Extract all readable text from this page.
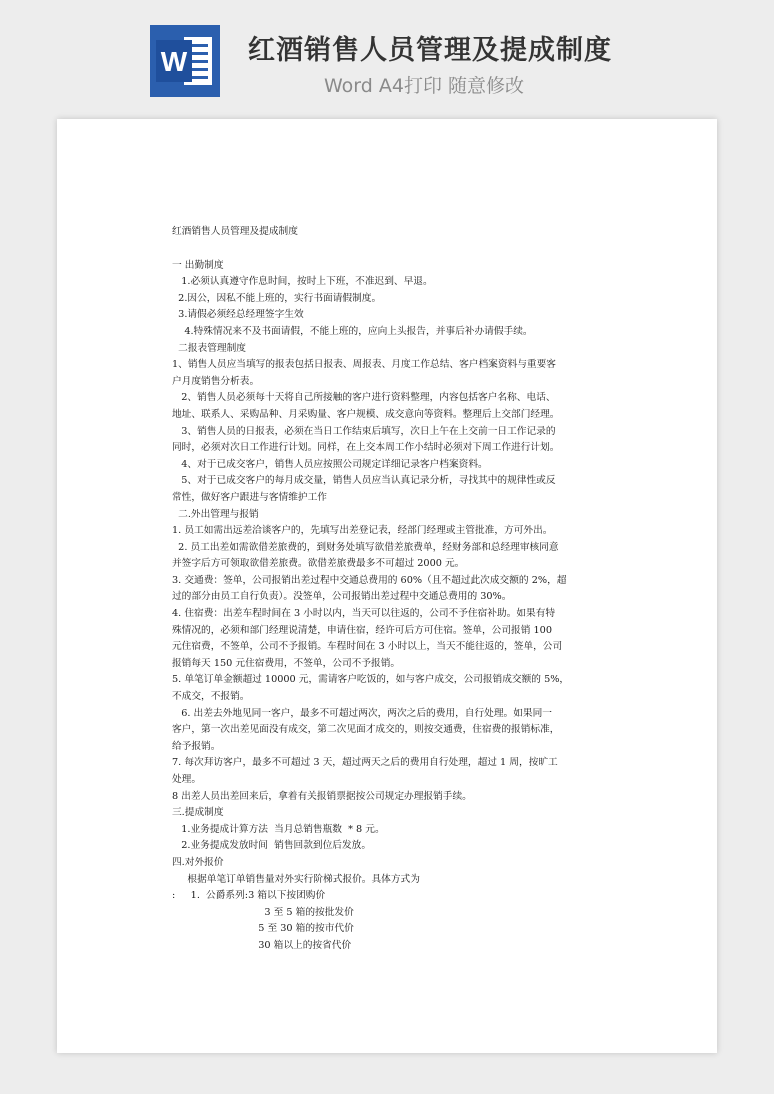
W 红酒销售人员管理及提成制度
Word A4打印 随意修改
红酒销售人员管理及提成制度
一 出勤制度
1.必须认真遵守作息时间，按时上下班，不准迟到、早退。
2.因公，因私不能上班的，实行书面请假制度。
3.请假必须经总经理签字生效
4.特殊情况来不及书面请假，不能上班的，应向上头报告，并事后补办请假手续。
二报表管理制度
1、销售人员应当填写的报表包括日报表、周报表、月度工作总结、客户档案资料与重要客
户月度销售分析表。
2、销售人员必须每十天将自己所接触的客户进行资料整理，内容包括客户名称、电话、
地址、联系人、采购品种、月采购量、客户规模、成交意向等资料。整理后上交部门经理。
3、销售人员的日报表，必须在当日工作结束后填写，次日上午在上交前一日工作记录的
同时，必须对次日工作进行计划。同样，在上交本周工作小结时必须对下周工作进行计划。
4、对于已成交客户，销售人员应按照公司规定详细记录客户档案资料。
5、对于已成交客户的每月成交量，销售人员应当认真记录分析，寻找其中的规律性或反
常性，做好客户跟进与客情维护工作
二.外出管理与报销
1. 员工如需出远差洽谈客户的，先填写出差登记表，经部门经理或主管批准，方可外出。
2. 员工出差如需欲借差旅费的，到财务处填写欲借差旅费单，经财务部和总经理审核同意
并签字后方可领取欲借差旅费。欲借差旅费最多不可超过 2000 元。
3. 交通费：签单，公司报销出差过程中交通总费用的 60%（且不超过此次成交额的 2%，超
过的部分由员工自行负责）。没签单，公司报销出差过程中交通总费用的 30%。
4. 住宿费：出差车程时间在 3 小时以内，当天可以往返的，公司不予住宿补助。如果有特
殊情况的，必须和部门经理说清楚，申请住宿，经许可后方可住宿。签单，公司报销 100
元住宿费，不签单，公司不予报销。车程时间在 3 小时以上，当天不能往返的，签单，公司
报销每天 150 元住宿费用，不签单，公司不予报销。
5. 单笔订单金额超过 10000 元，需请客户吃饭的，如与客户成交，公司报销成交额的 5%，
不成交，不报销。
6. 出差去外地见同一客户，最多不可超过两次，两次之后的费用，自行处理。如果同一
客户，第一次出差见面没有成交，第二次见面才成交的，则按交通费，住宿费的报销标准，
给予报销。
7. 每次拜访客户，最多不可超过 3 天，超过两天之后的费用自行处理，超过 1 周，按旷工
处理。
8 出差人员出差回来后，拿着有关报销票据按公司规定办理报销手续。
三.提成制度
1.业务提成计算方法  当月总销售瓶数  * 8 元。
2.业务提成发放时间  销售回款到位后发放。
四.对外报价
根据单笔订单销售量对外实行阶梯式报价。具体方式为
:     1.  公爵系列:3 箱以下按团购价
3 至 5 箱的按批发价
5 至 30 箱的按市代价
30 箱以上的按省代价
